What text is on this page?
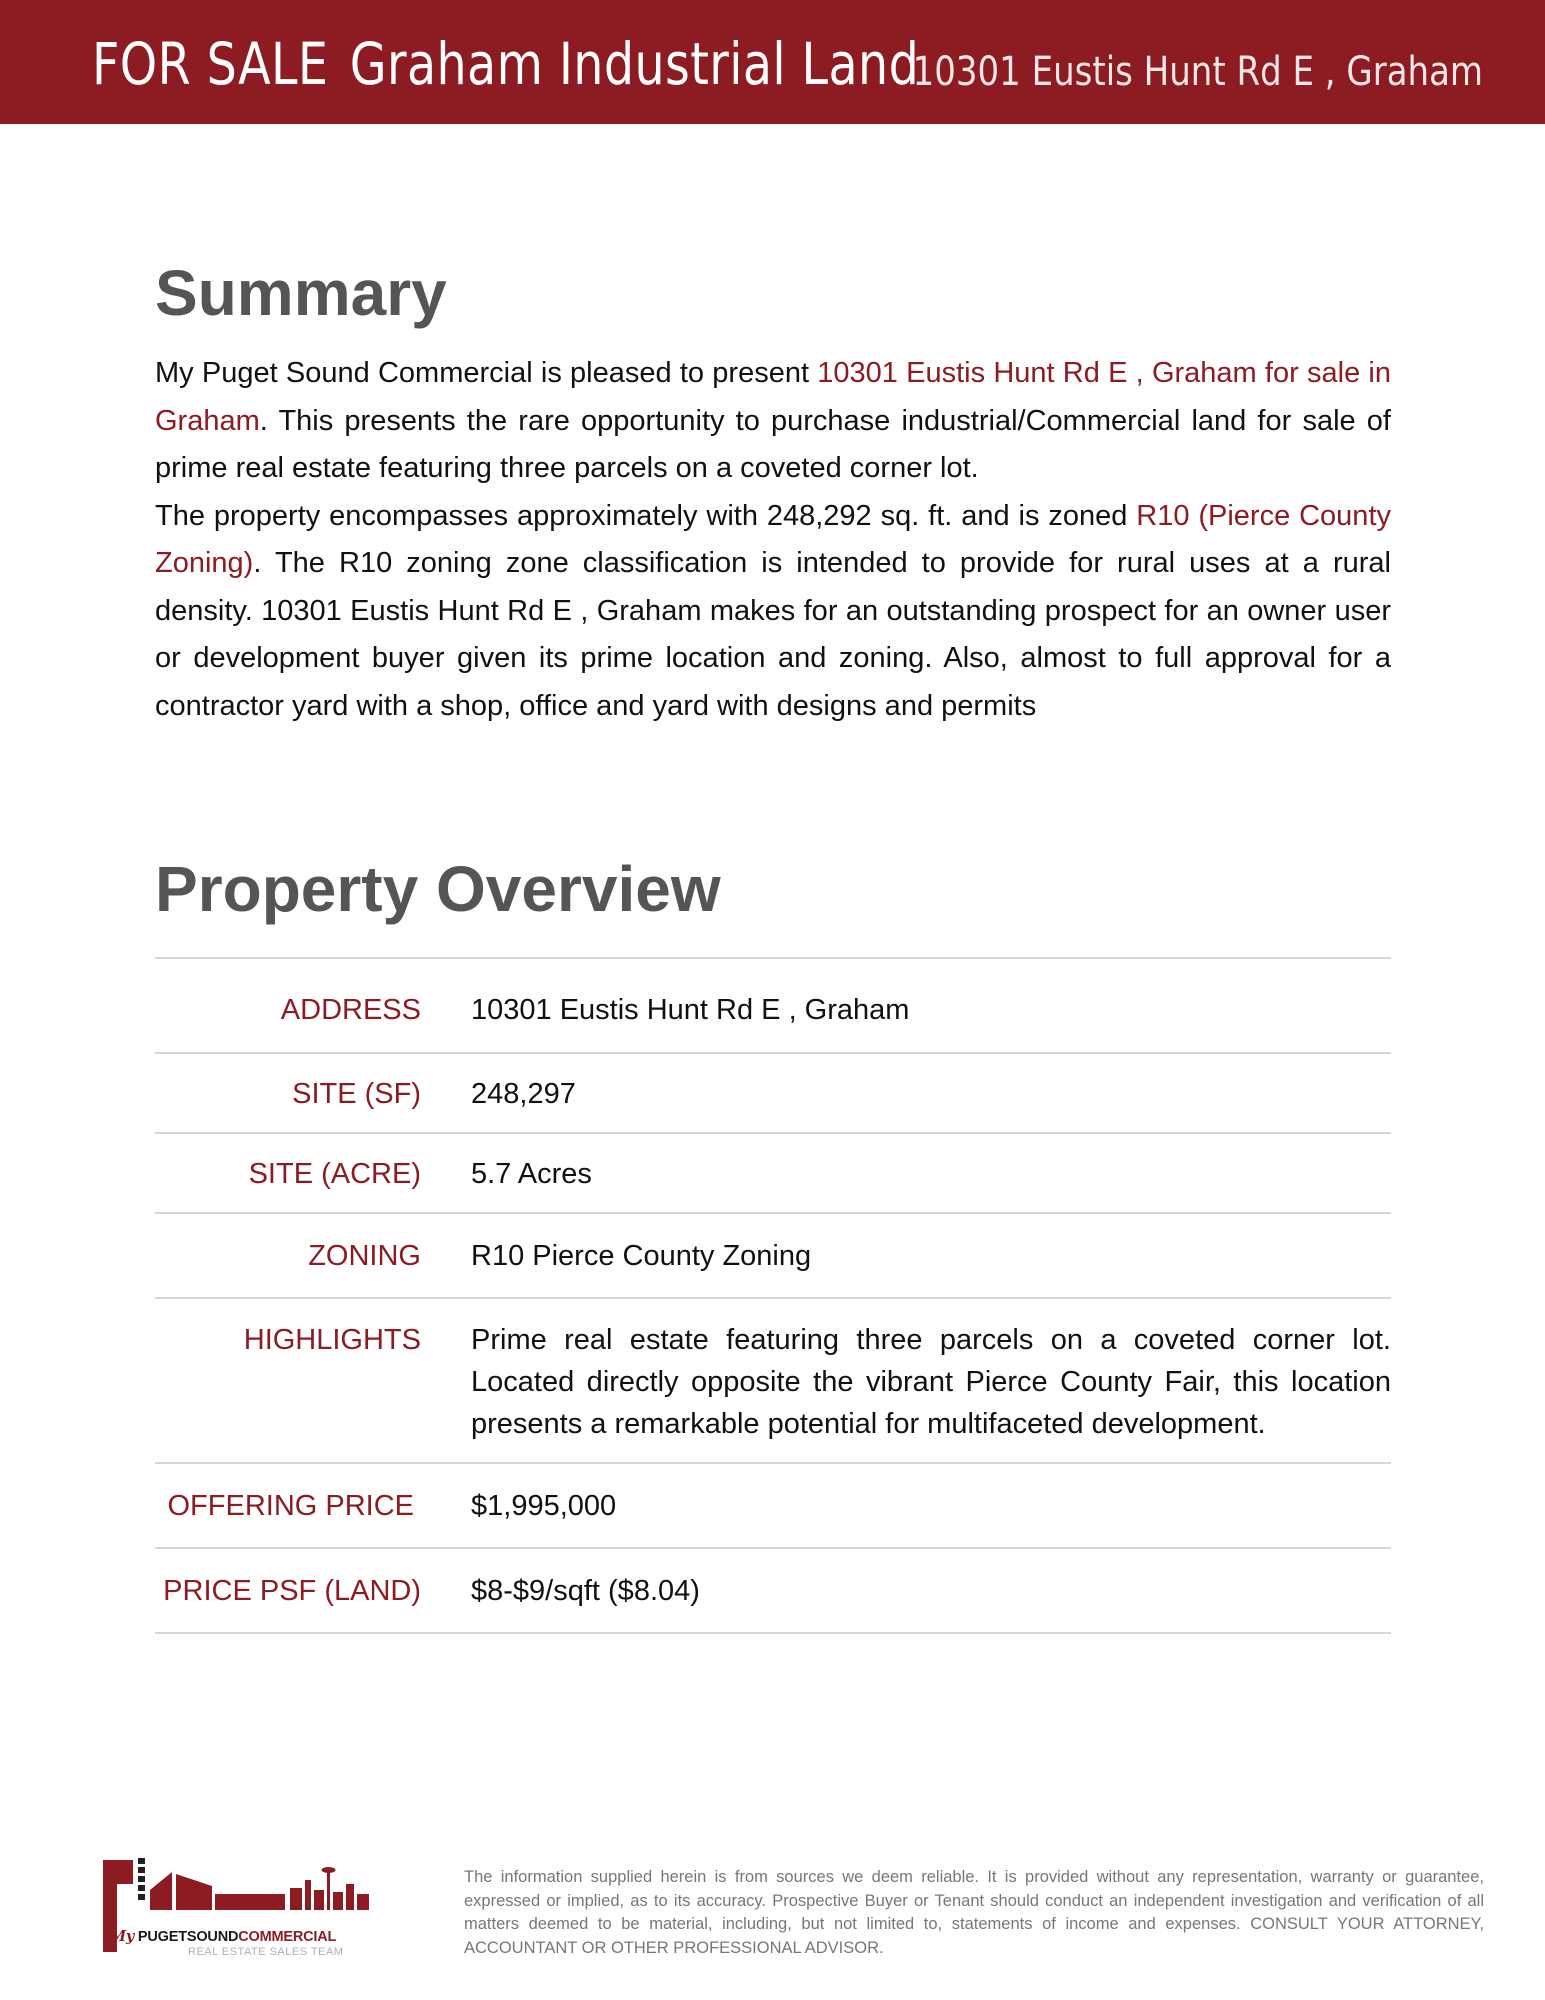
FOR SALE Graham Industrial Land
10301 Eustis Hunt Rd E , Graham
Summary

My Puget Sound Commercial is pleased to present 10301 Eustis Hunt Rd E , Graham for sale in Graham. This presents the rare opportunity to purchase industrial/Commercial land for sale of prime real estate featuring three parcels on a coveted corner lot.

The property encompasses approximately with 248,292 sq. ft. and is zoned R10 (Pierce County Zoning). The R10 zoning zone classification is intended to provide for rural uses at a rural density. 10301 Eustis Hunt Rd E , Graham makes for an outstanding prospect for an owner user or development buyer given its prime location and zoning. Also, almost to full approval for a contractor yard with a shop, office and yard with designs and permits

Property Overview
ADDRESS 10301 Eustis Hunt Rd E , Graham
SITE (SF) 248,297
SITE (ACRE) 5.7 Acres
ZONING R10 Pierce County Zoning
HIGHLIGHTS Prime real estate featuring three parcels on a coveted corner lot. Located directly opposite the vibrant Pierce County Fair, this location presents a remarkable potential for multifaceted development.
OFFERING PRICE $1,995,000
PRICE PSF (LAND) $8-$9/sqft ($8.04)
My PUGETSOUNDCOMMERCIAL
REAL ESTATE SALES TEAM
The information supplied herein is from sources we deem reliable. It is provided without any representation, warranty or guarantee, expressed or implied, as to its accuracy. Prospective Buyer or Tenant should conduct an independent investigation and verification of all matters deemed to be material, including, but not limited to, statements of income and expenses. CONSULT YOUR ATTORNEY, ACCOUNTANT OR OTHER PROFESSIONAL ADVISOR.
